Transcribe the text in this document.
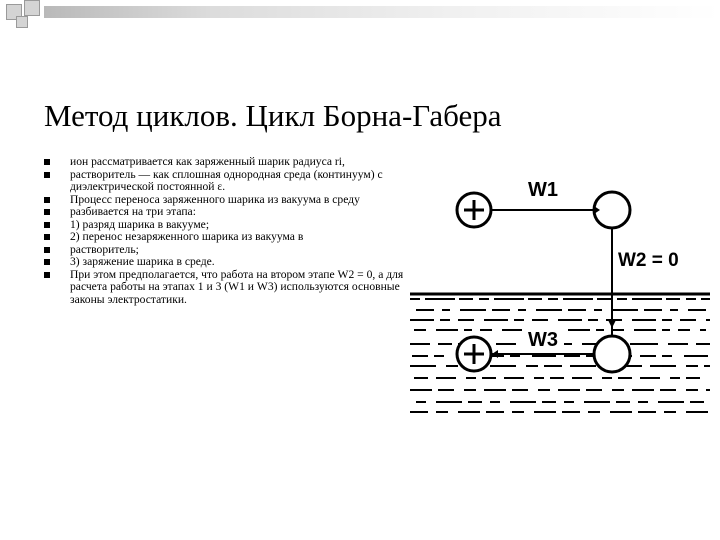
Метод циклов. Цикл Борна-Габера
ион рассматривается как заряженный шарик радиуса ri,
растворитель — как сплошная однородная среда (континуум) с диэлектрической постоянной ε.
Процесс переноса заряженного шарика из вакуума в среду
разбивается на три этапа:
1) разряд шарика в вакууме;
2) перенос незаряженного шарика из вакуума в
растворитель;
3) заряжение шарика в среде.
При этом предполагается, что работа на втором этапе W2 = 0, а для расчета работы на этапах 1 и 3 (W1 и W3) используются основные законы электростатики.
W1
W2 = 0
W3
